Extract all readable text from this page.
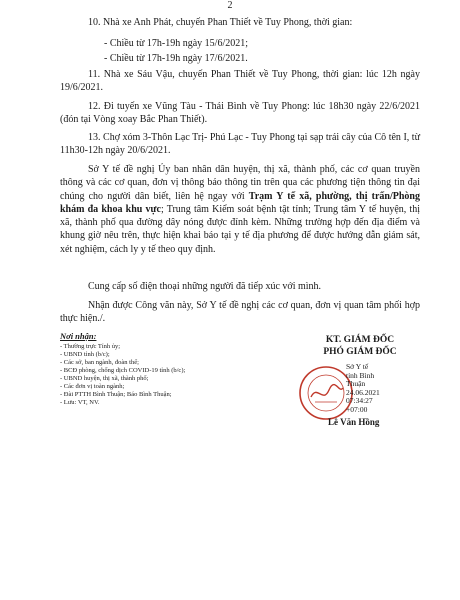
2
10. Nhà xe Anh Phát, chuyến Phan Thiết về Tuy Phong, thời gian:
- Chiều từ 17h-19h ngày 15/6/2021;
- Chiều từ 17h-19h ngày 17/6/2021.
11. Nhà xe Sáu Vậu, chuyến Phan Thiết về Tuy Phong, thời gian: lúc 12h ngày 19/6/2021.
12. Đi tuyến xe Vũng Tàu - Thái Bình về Tuy Phong: lúc 18h30 ngày 22/6/2021 (đón tại Vòng xoay Bắc Phan Thiết).
13. Chợ xóm 3-Thôn Lạc Trị- Phú Lạc - Tuy Phong tại sạp trái cây của Cô tên I, từ 11h30-12h ngày 20/6/2021.
Sở Y tế đề nghị Ủy ban nhân dân huyện, thị xã, thành phố, các cơ quan truyền thông và các cơ quan, đơn vị thông báo thông tin trên qua các phương tiện thông tin đại chúng cho người dân biết, liên hệ ngay với Trạm Y tế xã, phường, thị trấn/Phòng khám đa khoa khu vực; Trung tâm Kiểm soát bệnh tật tỉnh; Trung tâm Y tế huyện, thị xã, thành phố qua đường dây nóng được đính kèm. Những trường hợp đến địa điểm và khung giờ nêu trên, thực hiện khai báo tại y tế địa phương để được hướng dẫn giám sát, xét nghiệm, cách ly y tế theo quy định.
Cung cấp số điện thoại những người đã tiếp xúc với mình.
Nhận được Công văn này, Sở Y tế đề nghị các cơ quan, đơn vị quan tâm phối hợp thực hiện./.
KT. GIÁM ĐỐC
PHÓ GIÁM ĐỐC
Nơi nhận:
- Thường trực Tỉnh ủy;
- UBND tỉnh (b/c);
- Các sở, ban ngành, đoàn thể;
- BCĐ phòng, chống dịch COVID-19 tỉnh (b/c);
- UBND huyện, thị xã, thành phố;
- Các đơn vị toàn ngành;
- Đài PTTH Bình Thuận; Báo Bình Thuận;
- Lưu: VT, NV.
Sở Y tế
tỉnh Bình
Thuận
24.06.2021
07:34:27
+07:00
Lê Văn Hồng
